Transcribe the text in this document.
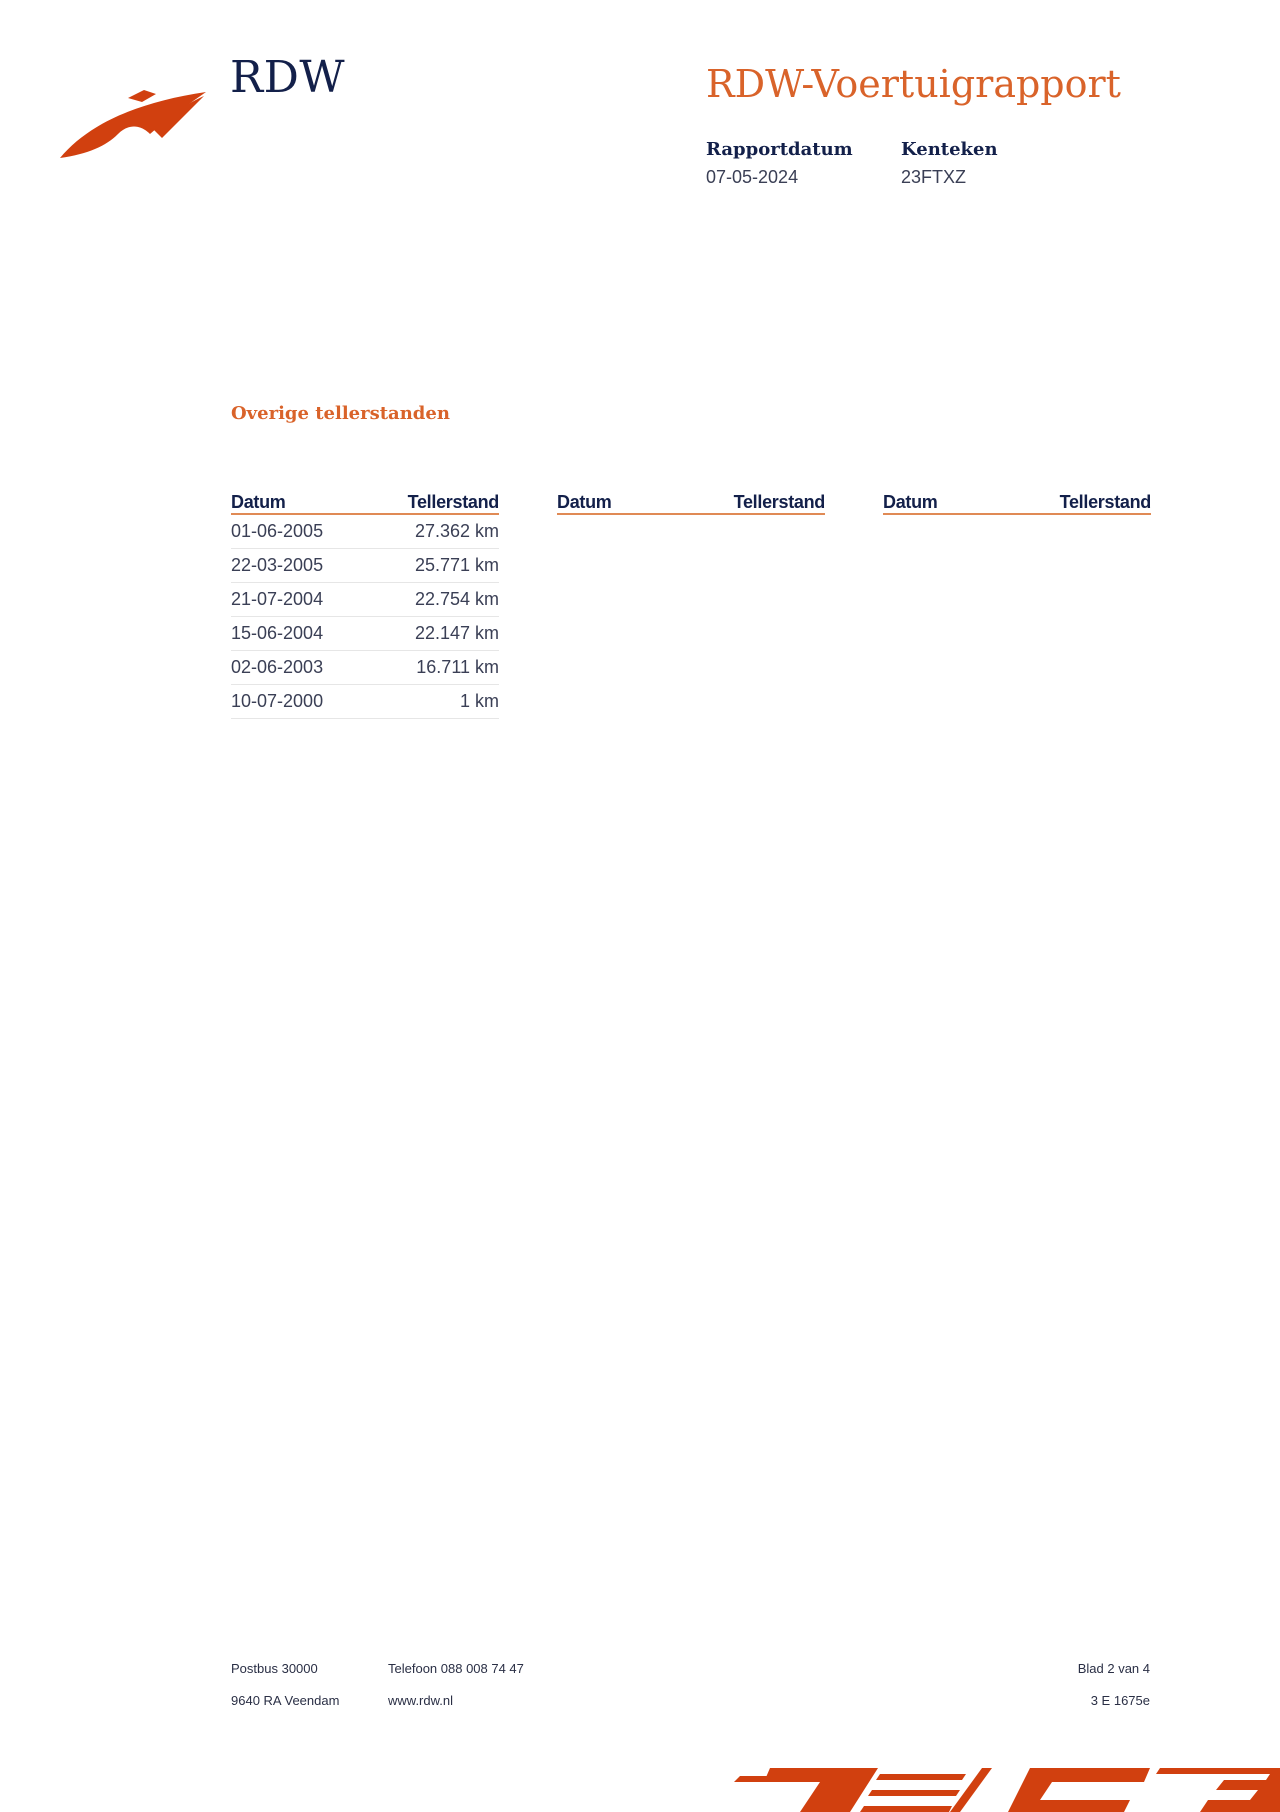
RDW	RDW-Voertuigrapport
Rapportdatum
07-05-2024
Kenteken
23FTXZ
Overige tellerstanden
Datum	Tellerstand
01-06-2005	27.362 km
22-03-2005	25.771 km
21-07-2004	22.754 km
15-06-2004	22.147 km
02-06-2003	16.711 km
10-07-2000	1 km
Datum	Tellerstand	Datum	Tellerstand
Postbus 30000
9640 RA Veendam
Telefoon 088 008 74 47
www.rdw.nl
Blad 2 van 4
3 E 1675e
